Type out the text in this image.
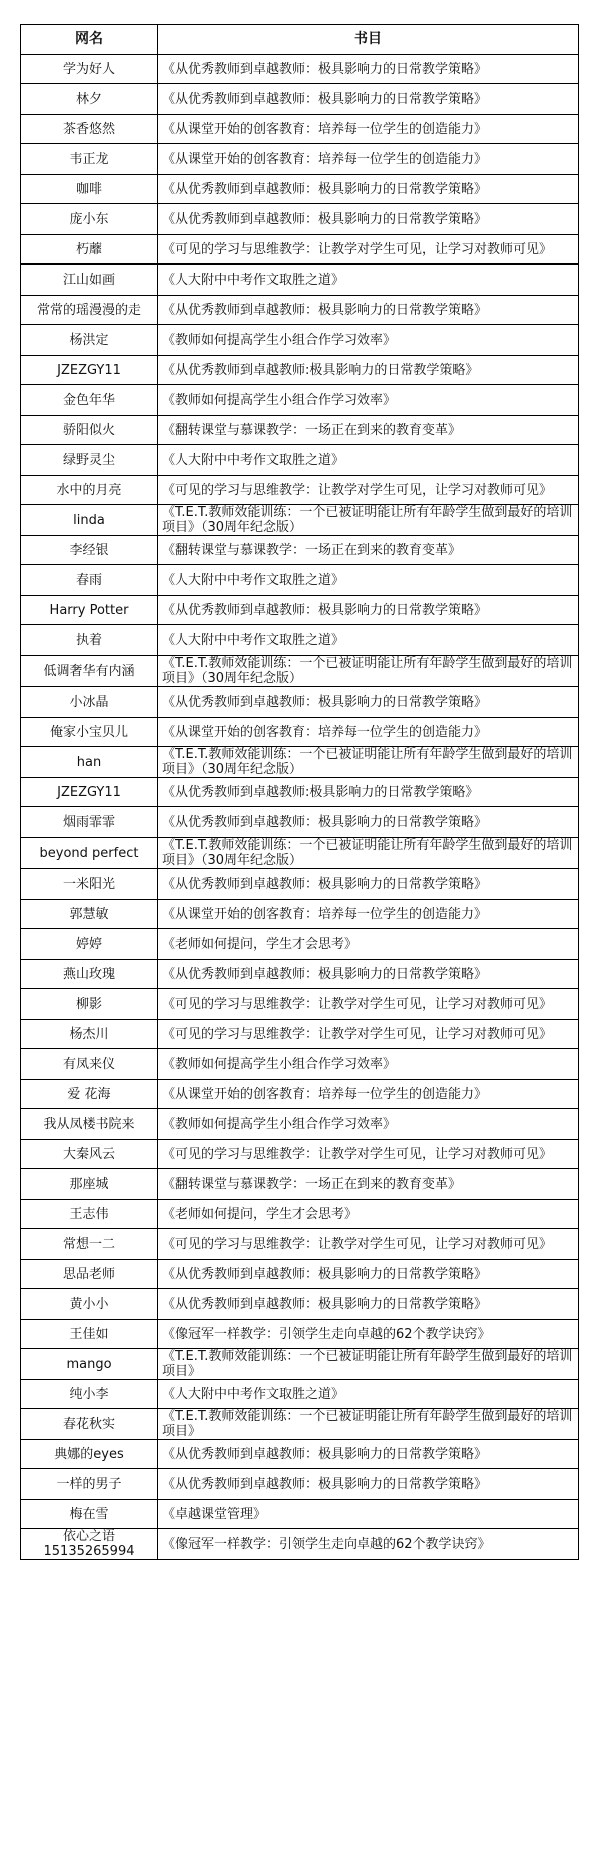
网名	书目
学为好人	《从优秀教师到卓越教师：极具影响力的日常教学策略》
林夕	《从优秀教师到卓越教师：极具影响力的日常教学策略》
茶香悠然	《从课堂开始的创客教育：培养每一位学生的创造能力》
韦正龙	《从课堂开始的创客教育：培养每一位学生的创造能力》
咖啡	《从优秀教师到卓越教师：极具影响力的日常教学策略》
庞小东	《从优秀教师到卓越教师：极具影响力的日常教学策略》
朽蘼	《可见的学习与思维教学：让教学对学生可见，让学习对教师可见》
江山如画	《人大附中中考作文取胜之道》
常常的瑶漫漫的走	《从优秀教师到卓越教师：极具影响力的日常教学策略》
杨洪定	《教师如何提高学生小组合作学习效率》
JZEZGY11	《从优秀教师到卓越教师:极具影响力的日常教学策略》
金色年华	《教师如何提高学生小组合作学习效率》
骄阳似火	《翻转课堂与慕课教学：一场正在到来的教育变革》
绿野灵尘	《人大附中中考作文取胜之道》
水中的月亮	《可见的学习与思维教学：让教学对学生可见，让学习对教师可见》
linda	《T.E.T.教师效能训练：一个已被证明能让所有年龄学生做到最好的培训项目》（30周年纪念版）
李经银	《翻转课堂与慕课教学：一场正在到来的教育变革》
春雨	《人大附中中考作文取胜之道》
Harry Potter	《从优秀教师到卓越教师：极具影响力的日常教学策略》
执着	《人大附中中考作文取胜之道》
低调奢华有内涵	《T.E.T.教师效能训练：一个已被证明能让所有年龄学生做到最好的培训项目》（30周年纪念版）
小冰晶	《从优秀教师到卓越教师：极具影响力的日常教学策略》
俺家小宝贝儿	《从课堂开始的创客教育：培养每一位学生的创造能力》
han	《T.E.T.教师效能训练：一个已被证明能让所有年龄学生做到最好的培训项目》（30周年纪念版）
JZEZGY11	《从优秀教师到卓越教师:极具影响力的日常教学策略》
烟雨霏霏	《从优秀教师到卓越教师：极具影响力的日常教学策略》
beyond perfect	《T.E.T.教师效能训练：一个已被证明能让所有年龄学生做到最好的培训项目》（30周年纪念版）
一米阳光	《从优秀教师到卓越教师：极具影响力的日常教学策略》
郭慧敏	《从课堂开始的创客教育：培养每一位学生的创造能力》
婷婷	《老师如何提问，学生才会思考》
燕山玫瑰	《从优秀教师到卓越教师：极具影响力的日常教学策略》
柳影	《可见的学习与思维教学：让教学对学生可见，让学习对教师可见》
杨杰川	《可见的学习与思维教学：让教学对学生可见，让学习对教师可见》
有凤来仪	《教师如何提高学生小组合作学习效率》
爱 花海	《从课堂开始的创客教育：培养每一位学生的创造能力》
我从凤楼书院来	《教师如何提高学生小组合作学习效率》
大秦风云	《可见的学习与思维教学：让教学对学生可见，让学习对教师可见》
那座城	《翻转课堂与慕课教学：一场正在到来的教育变革》
王志伟	《老师如何提问，学生才会思考》
常想一二	《可见的学习与思维教学：让教学对学生可见，让学习对教师可见》
思品老师	《从优秀教师到卓越教师：极具影响力的日常教学策略》
黄小小	《从优秀教师到卓越教师：极具影响力的日常教学策略》
王佳如	《像冠军一样教学：引领学生走向卓越的62个教学诀窍》
mango	《T.E.T.教师效能训练：一个已被证明能让所有年龄学生做到最好的培训项目》
纯小李	《人大附中中考作文取胜之道》
春花秋实	《T.E.T.教师效能训练：一个已被证明能让所有年龄学生做到最好的培训项目》
典娜的eyes	《从优秀教师到卓越教师：极具影响力的日常教学策略》
一样的男子	《从优秀教师到卓越教师：极具影响力的日常教学策略》
梅在雪	《卓越课堂管理》
依心之语15135265994	《像冠军一样教学：引领学生走向卓越的62个教学诀窍》
